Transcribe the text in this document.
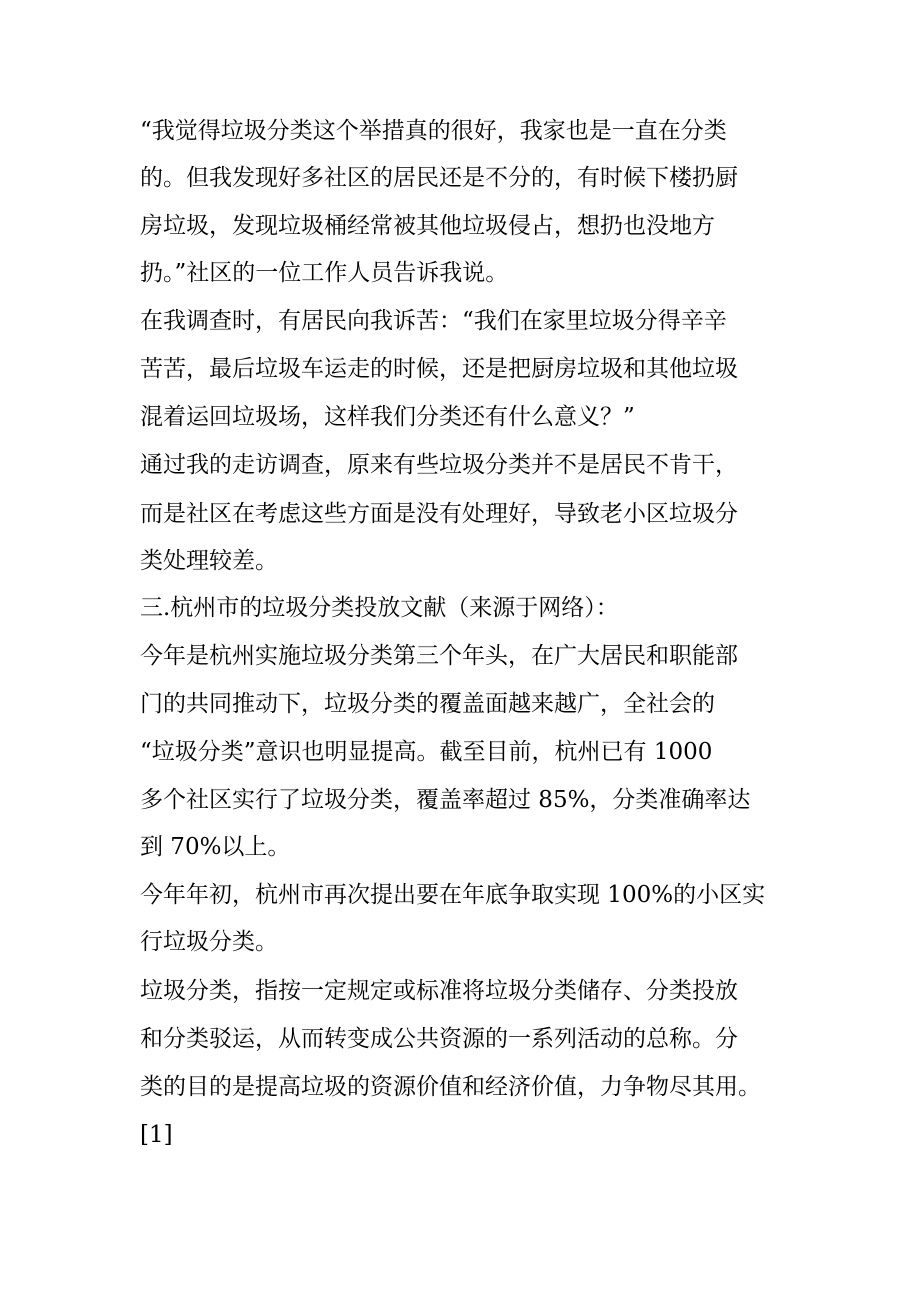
“我觉得垃圾分类这个举措真的很好，我家也是一直在分类

的。但我发现好多社区的居民还是不分的，有时候下楼扔厨

房垃圾，发现垃圾桶经常被其他垃圾侵占，想扔也没地方

扔。”社区的一位工作人员告诉我说。

在我调查时，有居民向我诉苦：“我们在家里垃圾分得辛辛

苦苦，最后垃圾车运走的时候，还是把厨房垃圾和其他垃圾

混着运回垃圾场，这样我们分类还有什么意义？”

通过我的走访调查，原来有些垃圾分类并不是居民不肯干，

而是社区在考虑这些方面是没有处理好，导致老小区垃圾分

类处理较差。

三.杭州市的垃圾分类投放文献（来源于网络）：

今年是杭州实施垃圾分类第三个年头，在广大居民和职能部

门的共同推动下，垃圾分类的覆盖面越来越广，全社会的

“垃圾分类”意识也明显提高。截至目前，杭州已有 1000

多个社区实行了垃圾分类，覆盖率超过 85%，分类准确率达

到 70%以上。

今年年初，杭州市再次提出要在年底争取实现 100%的小区实

行垃圾分类。

垃圾分类，指按一定规定或标准将垃圾分类储存、分类投放

和分类驳运，从而转变成公共资源的一系列活动的总称。分

类的目的是提高垃圾的资源价值和经济价值，力争物尽其用。

[1]
